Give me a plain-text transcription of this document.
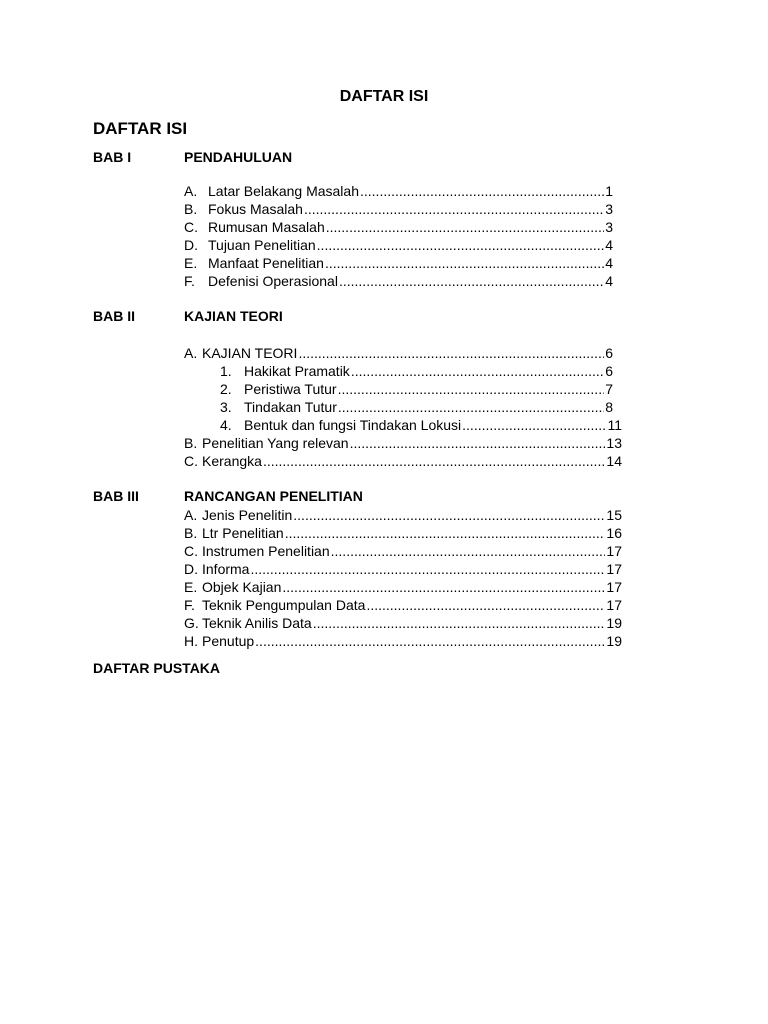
DAFTAR ISI
DAFTAR ISI
BAB I	PENDAHULUAN
A. Latar Belakang Masalah .....	1
B. Fokus Masalah .....	3
C. Rumusan Masalah .....	3
D. Tujuan Penelitian .....	4
E. Manfaat Penelitian .....	4
F. Defenisi Operasional .....	4
BAB II	KAJIAN TEORI
A. KAJIAN TEORI .....	6
1. Hakikat Pramatik .....	6
2. Peristiwa Tutur .....	7
3. Tindakan Tutur .....	8
4. Bentuk dan fungsi Tindakan Lokusi .....	11
B. Penelitian Yang relevan .....	13
C. Kerangka .....	14
BAB III	RANCANGAN PENELITIAN
A. Jenis Penelitin .....	15
B. Ltr Penelitian .....	16
C. Instrumen Penelitian .....	17
D. Informa .....	17
E. Objek Kajian .....	17
F. Teknik Pengumpulan Data .....	17
G. Teknik Anilis Data .....	19
H. Penutup .....	19
DAFTAR PUSTAKA
